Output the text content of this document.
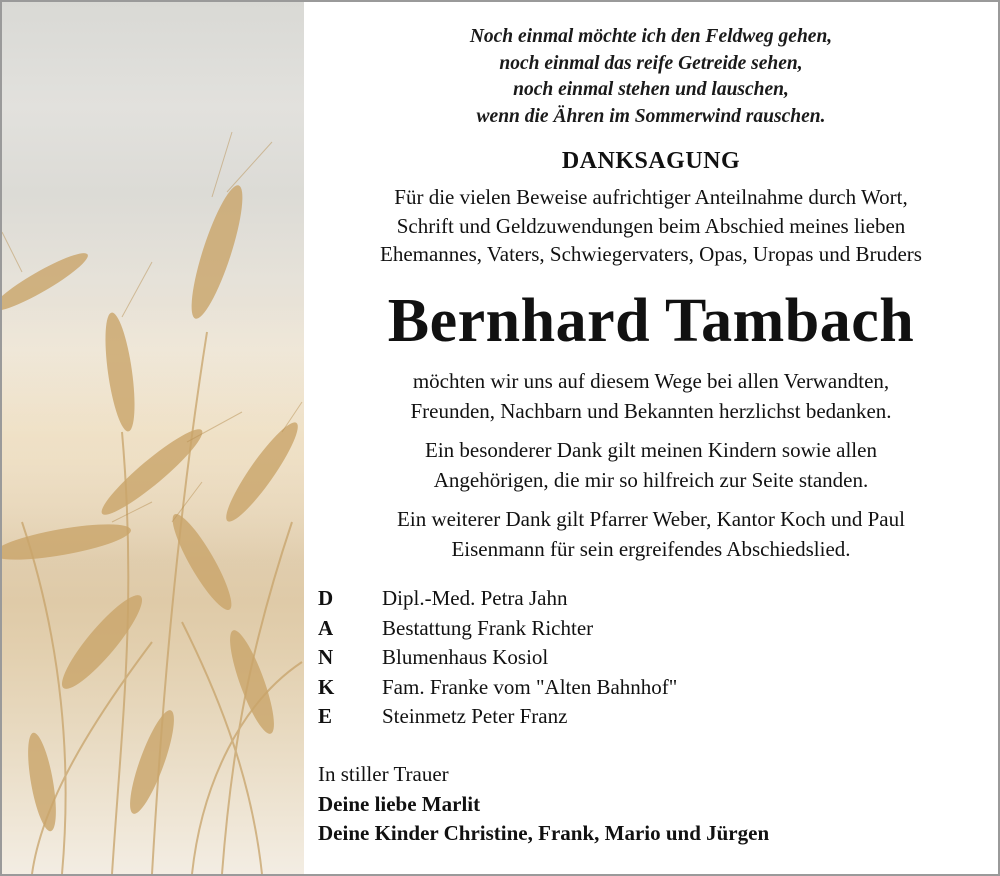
Noch einmal möchte ich den Feldweg gehen,
noch einmal das reife Getreide sehen,
noch einmal stehen und lauschen,
wenn die Ähren im Sommerwind rauschen.
DANKSAGUNG
Für die vielen Beweise aufrichtiger Anteilnahme durch Wort,
Schrift und Geldzuwendungen beim Abschied meines lieben
Ehemannes, Vaters, Schwiegervaters, Opas, Uropas und Bruders
Bernhard Tambach
möchten wir uns auf diesem Wege bei allen Verwandten,
Freunden, Nachbarn und Bekannten herzlichst bedanken.
Ein besonderer Dank gilt meinen Kindern sowie allen
Angehörigen, die mir so hilfreich zur Seite standen.
Ein weiterer Dank gilt Pfarrer Weber, Kantor Koch und Paul
Eisenmann für sein ergreifendes Abschiedslied.
D	Dipl.-Med. Petra Jahn
A	Bestattung Frank Richter
N	Blumenhaus Kosiol
K	Fam. Franke vom "Alten Bahnhof"
E	Steinmetz Peter Franz
In stiller Trauer
Deine liebe Marlit
Deine Kinder Christine, Frank, Mario und Jürgen
